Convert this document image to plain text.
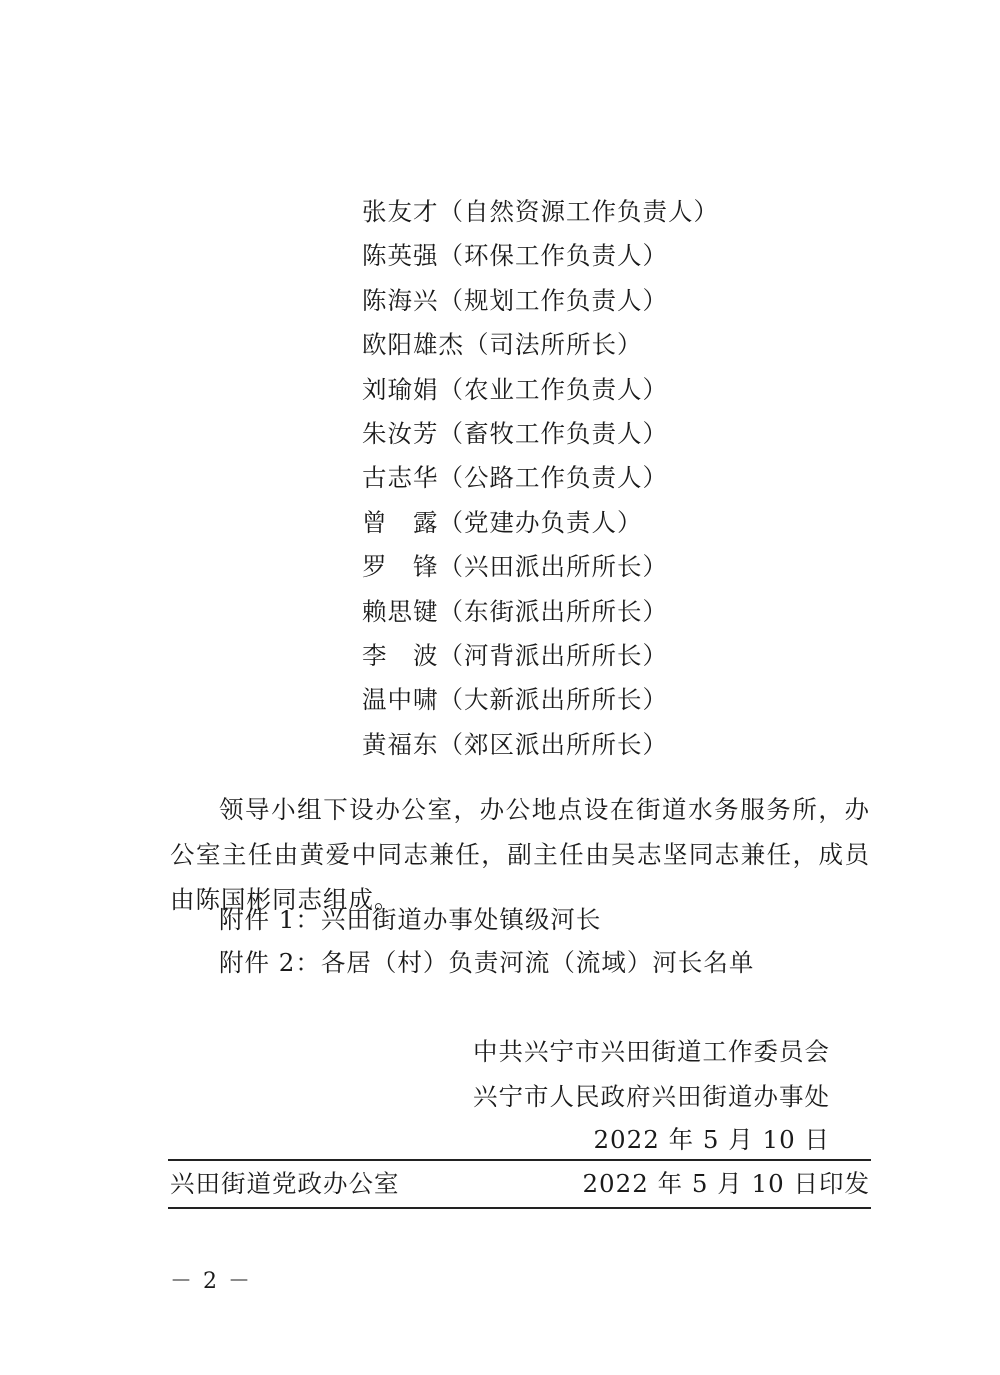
张友才（自然资源工作负责人）
陈英强（环保工作负责人）
陈海兴（规划工作负责人）
欧阳雄杰（司法所所长）
刘瑜娟（农业工作负责人）
朱汝芳（畜牧工作负责人）
古志华（公路工作负责人）
曾　露（党建办负责人）
罗　锋（兴田派出所所长）
赖思键（东街派出所所长）
李　波（河背派出所所长）
温中啸（大新派出所所长）
黄福东（郊区派出所所长）

领导小组下设办公室，办公地点设在街道水务服务所，办公室主任由黄爱中同志兼任，副主任由吴志坚同志兼任，成员由陈国彬同志组成。

附件 1：兴田街道办事处镇级河长
附件 2：各居（村）负责河流（流域）河长名单
中共兴宁市兴田街道工作委员会
兴宁市人民政府兴田街道办事处
2022 年 5 月 10 日
兴田街道党政办公室	2022 年 5 月 10 日印发
－ 2 －
